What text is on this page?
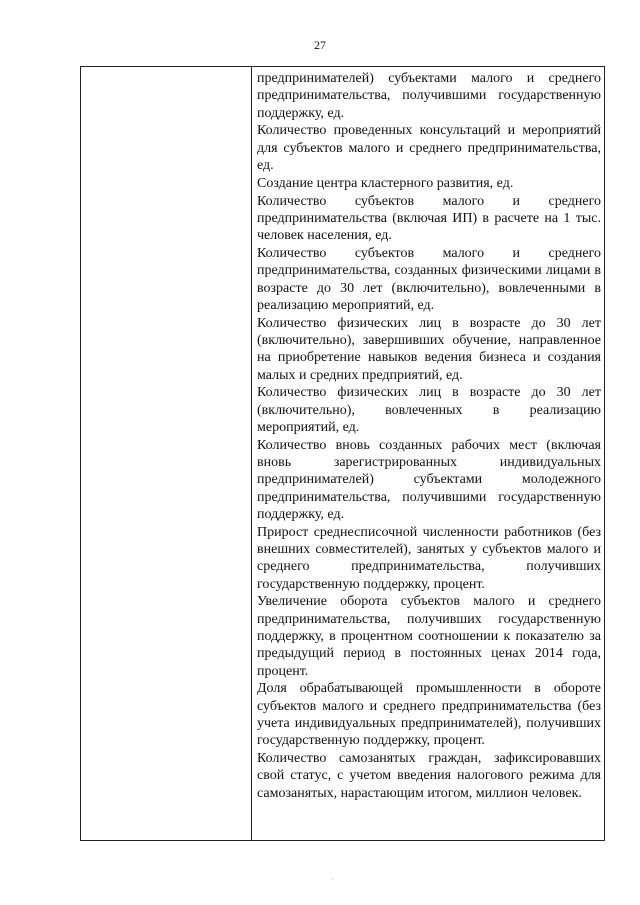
27

предпринимателей) субъектами малого и среднего предпринимательства, получившими государственную поддержку, ед.

Количество проведенных консультаций и мероприятий для субъектов малого и среднего предпринимательства, ед.

Создание центра кластерного развития, ед.

Количество субъектов малого и среднего предпринимательства (включая ИП) в расчете на 1 тыс. человек населения, ед.

Количество субъектов малого и среднего предпринимательства, созданных физическими лицами в возрасте до 30 лет (включительно), вовлеченными в реализацию мероприятий, ед.

Количество физических лиц в возрасте до 30 лет (включительно), завершивших обучение, направленное на приобретение навыков ведения бизнеса и создания малых и средних предприятий, ед.

Количество физических лиц в возрасте до 30 лет (включительно), вовлеченных в реализацию мероприятий, ед.

Количество вновь созданных рабочих мест (включая вновь зарегистрированных индивидуальных предпринимателей) субъектами молодежного предпринимательства, получившими государственную поддержку, ед.

Прирост среднесписочной численности работников (без внешних совместителей), занятых у субъектов малого и среднего предпринимательства, получивших государственную поддержку, процент.

Увеличение оборота субъектов малого и среднего предпринимательства, получивших государственную поддержку, в процентном соотношении к показателю за предыдущий период в постоянных ценах 2014 года, процент.

Доля обрабатывающей промышленности в обороте субъектов малого и среднего предпринимательства (без учета индивидуальных предпринимателей), получивших государственную поддержку, процент.

Количество самозанятых граждан, зафиксировавших свой статус, с учетом введения налогового режима для самозанятых, нарастающим итогом, миллион человек.

˙
